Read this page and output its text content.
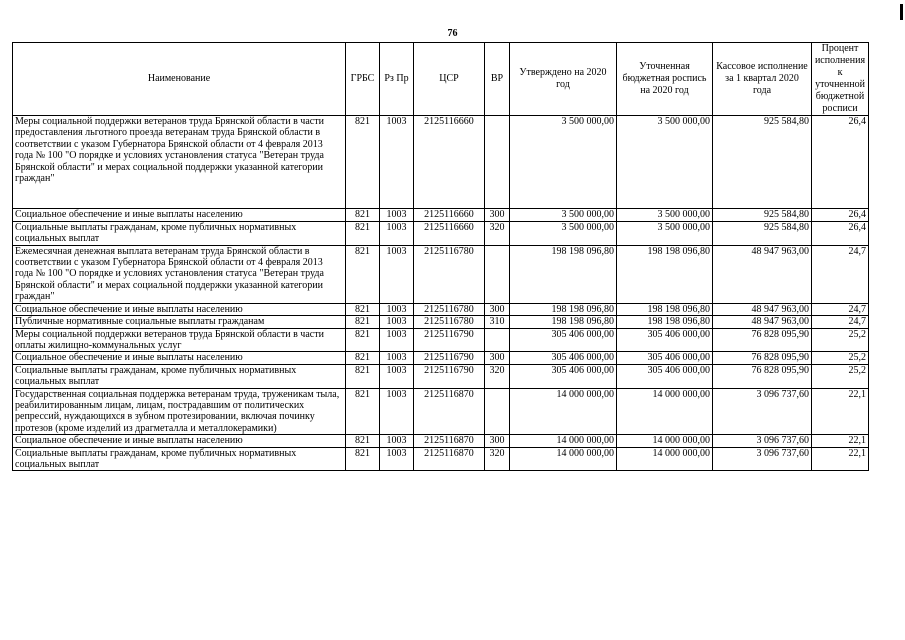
76
Наименование	ГРБС	Рз Пр	ЦСР	ВР	Утверждено на 2020 год	Уточненная бюджетная роспись на 2020 год	Кассовое исполнение за 1 квартал 2020 года	Процент исполнения к уточненной бюджетной росписи
Меры социальной поддержки ветеранов труда Брянской области в части предоставления льготного проезда ветеранам труда Брянской области в соответствии с указом Губернатора Брянской области от 4 февраля 2013 года № 100 "О порядке и условиях установления статуса "Ветеран труда Брянской области" и мерах социальной поддержки указанной категории граждан"	821	1003	2125116660		3 500 000,00	3 500 000,00	925 584,80	26,4
Социальное обеспечение и иные выплаты населению	821	1003	2125116660	300	3 500 000,00	3 500 000,00	925 584,80	26,4
Социальные выплаты гражданам, кроме публичных нормативных социальных выплат	821	1003	2125116660	320	3 500 000,00	3 500 000,00	925 584,80	26,4
Ежемесячная денежная выплата ветеранам труда Брянской области в соответствии с указом Губернатора Брянской области от 4 февраля 2013 года № 100 "О порядке и условиях установления статуса "Ветеран труда Брянской области" и мерах социальной поддержки указанной категории граждан"	821	1003	2125116780		198 198 096,80	198 198 096,80	48 947 963,00	24,7
Социальное обеспечение и иные выплаты населению	821	1003	2125116780	300	198 198 096,80	198 198 096,80	48 947 963,00	24,7
Публичные нормативные социальные выплаты гражданам	821	1003	2125116780	310	198 198 096,80	198 198 096,80	48 947 963,00	24,7
Меры социальной поддержки ветеранов труда Брянской области в части оплаты жилищно-коммунальных услуг	821	1003	2125116790		305 406 000,00	305 406 000,00	76 828 095,90	25,2
Социальное обеспечение и иные выплаты населению	821	1003	2125116790	300	305 406 000,00	305 406 000,00	76 828 095,90	25,2
Социальные выплаты гражданам, кроме публичных нормативных социальных выплат	821	1003	2125116790	320	305 406 000,00	305 406 000,00	76 828 095,90	25,2
Государственная социальная поддержка ветеранам труда, труженикам тыла, реабилитированным лицам, лицам, пострадавшим от политических репрессий, нуждающихся в зубном протезировании, включая починку протезов (кроме изделий из драгметалла и металлокерамики)	821	1003	2125116870		14 000 000,00	14 000 000,00	3 096 737,60	22,1
Социальное обеспечение и иные выплаты населению	821	1003	2125116870	300	14 000 000,00	14 000 000,00	3 096 737,60	22,1
Социальные выплаты гражданам, кроме публичных нормативных социальных выплат	821	1003	2125116870	320	14 000 000,00	14 000 000,00	3 096 737,60	22,1
